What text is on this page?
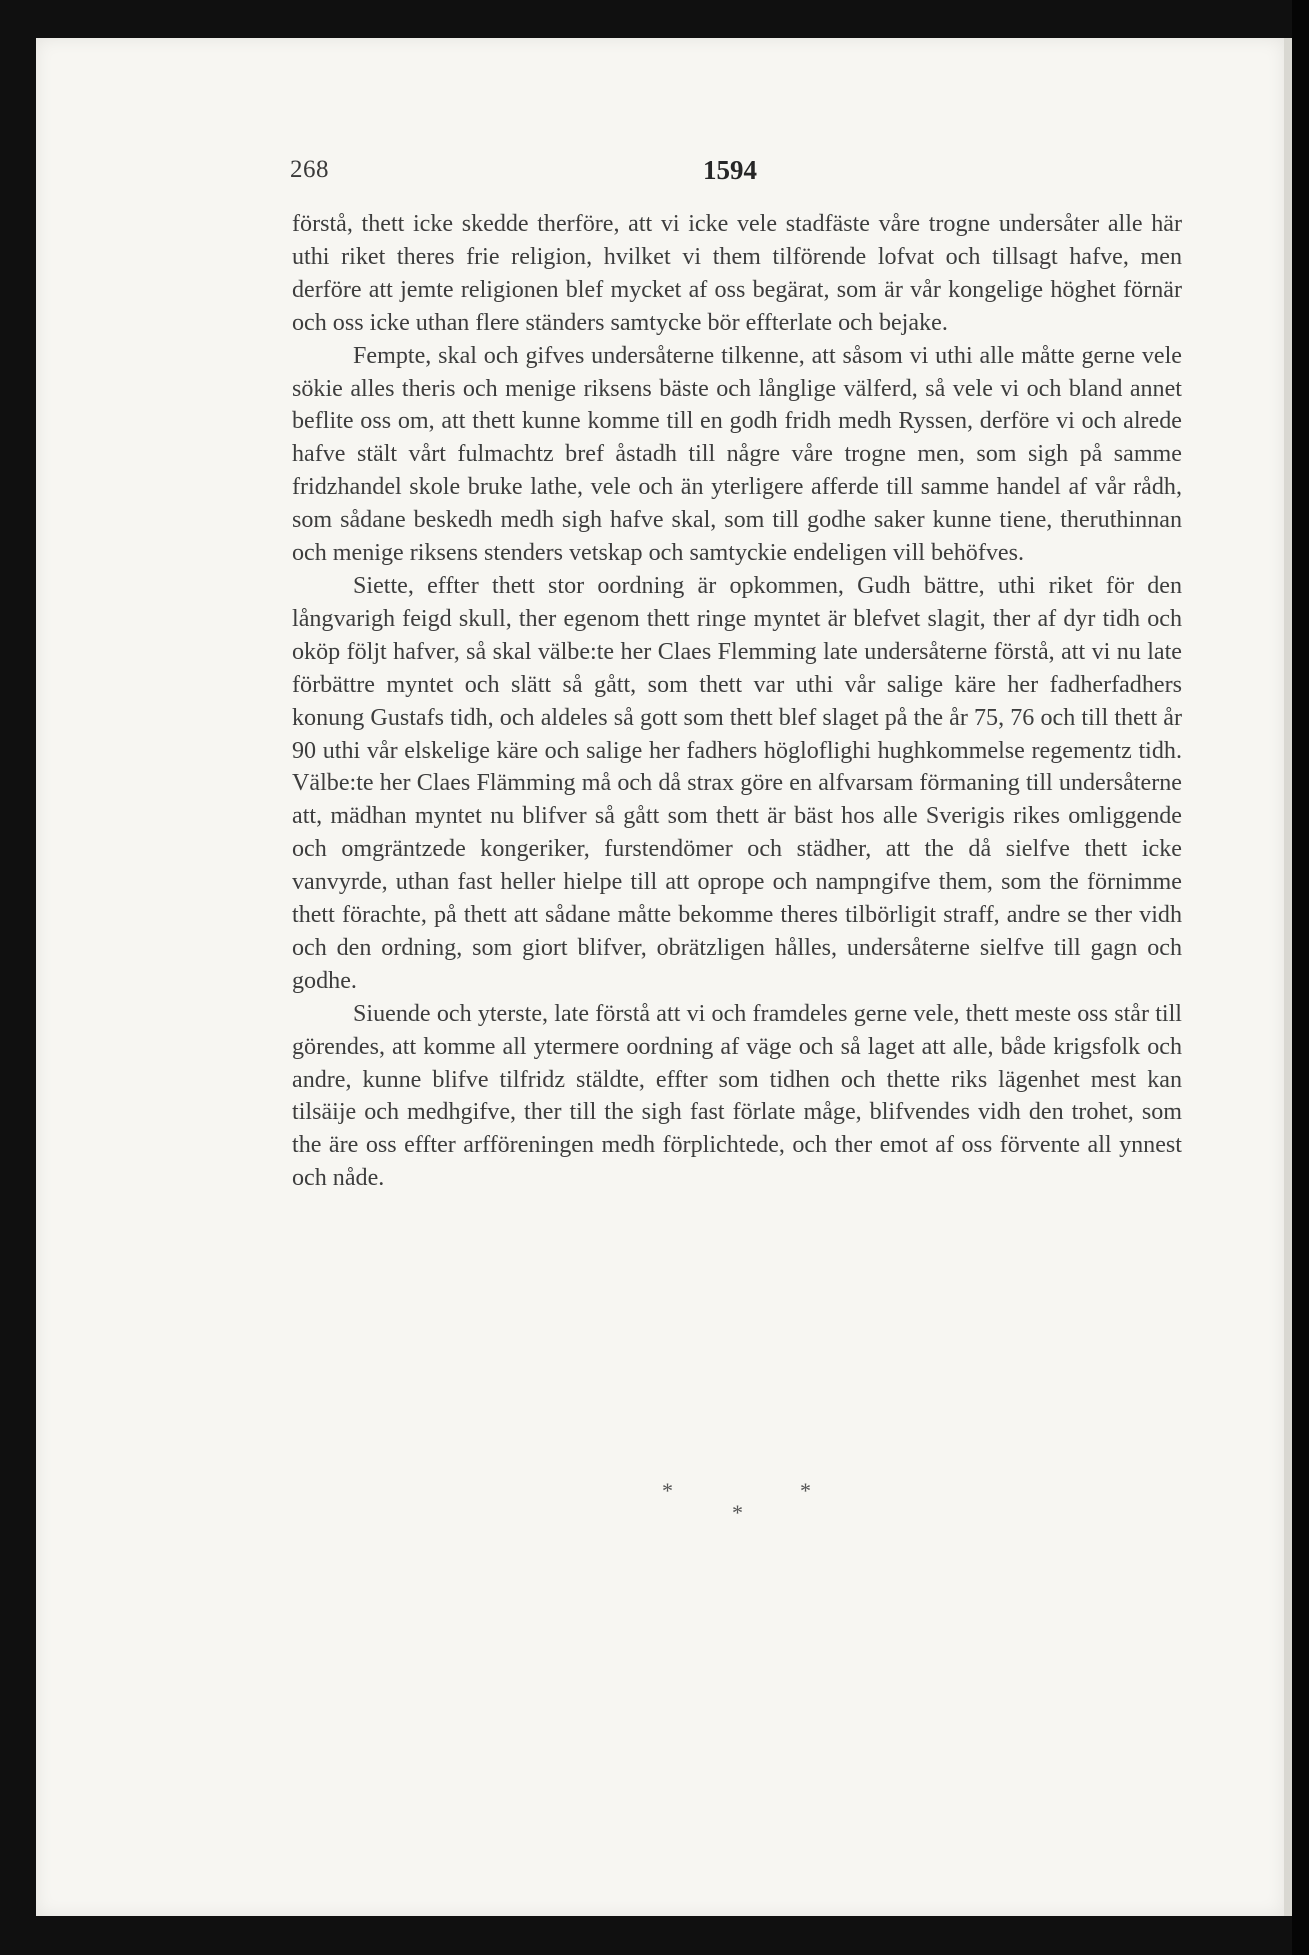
268	1594

förstå, thett icke skedde therföre, att vi icke vele stadfäste våre trogne undersåter alle här uthi riket theres frie religion, hvilket vi them tilförende lofvat och tillsagt hafve, men derföre att jemte religionen blef mycket af oss begärat, som är vår kongelige höghet förnär och oss icke uthan flere ständers samtycke bör effterlate och bejake.

Fempte, skal och gifves undersåterne tilkenne, att såsom vi uthi alle måtte gerne vele sökie alles theris och menige riksens bäste och långlige välferd, så vele vi och bland annet beflite oss om, att thett kunne komme till en godh fridh medh Ryssen, derföre vi och alrede hafve stält vårt fulmachtz bref åstadh till någre våre trogne men, som sigh på samme fridzhandel skole bruke lathe, vele och än yterligere afferde till samme handel af vår rådh, som sådane beskedh medh sigh hafve skal, som till godhe saker kunne tiene, theruthinnan och menige riksens stenders vetskap och samtyckie endeligen vill behöfves.

Siette, effter thett stor oordning är opkommen, Gudh bättre, uthi riket för den långvarigh feigd skull, ther egenom thett ringe myntet är blefvet slagit, ther af dyr tidh och oköp följt hafver, så skal välbe:te her Claes Flemming late undersåterne förstå, att vi nu late förbättre myntet och slätt så gått, som thett var uthi vår salige käre her fadherfadhers konung Gustafs tidh, och aldeles så gott som thett blef slaget på the år 75, 76 och till thett år 90 uthi vår elskelige käre och salige her fadhers högloflighi hughkommelse regementz tidh. Välbe:te her Claes Flämming må och då strax göre en alfvarsam förmaning till undersåterne att, mädhan myntet nu blifver så gått som thett är bäst hos alle Sverigis rikes omliggende och omgräntzede kongeriker, furstendömer och städher, att the då sielfve thett icke vanvyrde, uthan fast heller hielpe till att oprope och nampngifve them, som the förnimme thett förachte, på thett att sådane måtte bekomme theres tilbörligit straff, andre se ther vidh och den ordning, som giort blifver, obrätzligen hålles, undersåterne sielfve till gagn och godhe.

Siuende och yterste, late förstå att vi och framdeles gerne vele, thett meste oss står till görendes, att komme all ytermere oordning af väge och så laget att alle, både krigsfolk och andre, kunne blifve tilfridz stäldte, effter som tidhen och thette riks lägenhet mest kan tilsäije och medhgifve, ther till the sigh fast förlate måge, blifvendes vidh den trohet, som the äre oss effter arfföreningen medh förplichtede, och ther emot af oss förvente all ynnest och nåde.

*	*
*
